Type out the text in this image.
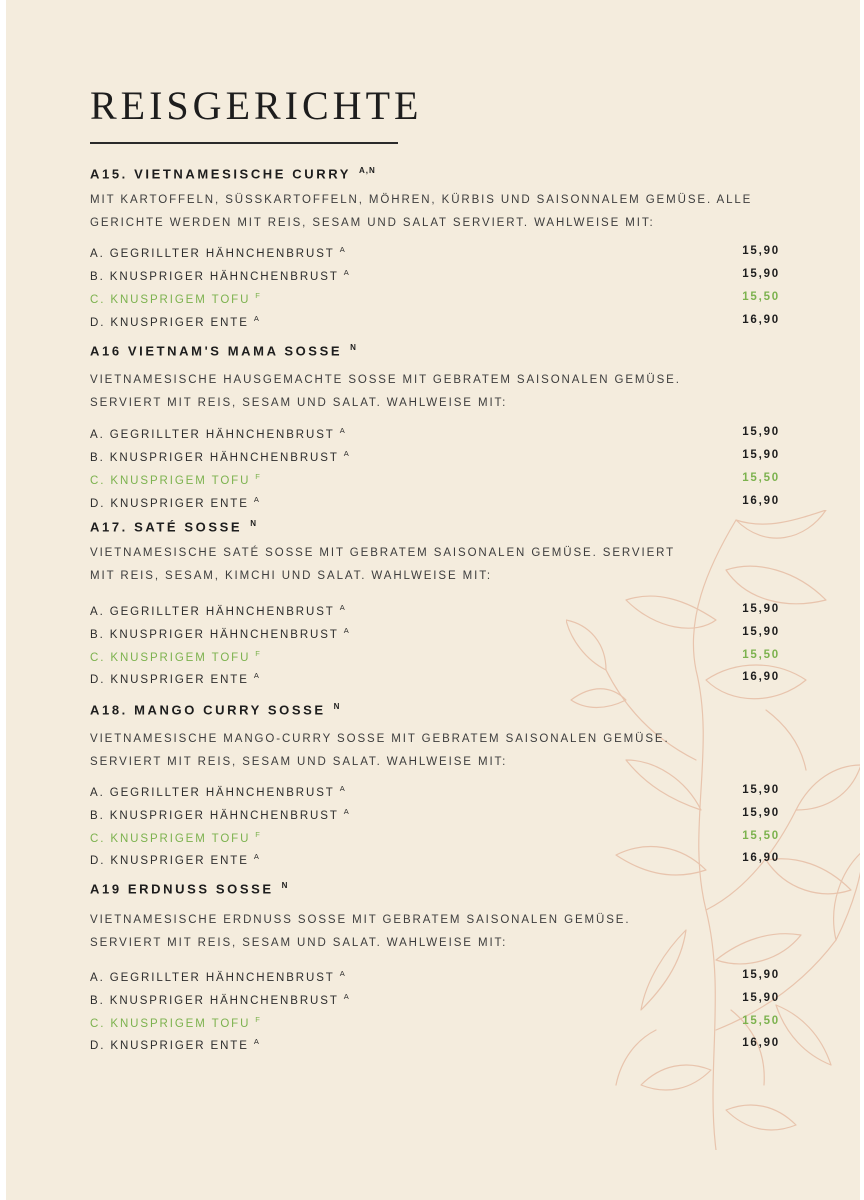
REISGERICHTE
A15. VIETNAMESISCHE CURRY $^{A,N}$
MIT KARTOFFELN, SÜSSKARTOFFELN, MÖHREN, KÜRBIS UND SAISONNALEM GEMÜSE. ALLE
GERICHTE WERDEN MIT REIS, SESAM UND SALAT SERVIERT. WAHLWEISE MIT:
A. GEGRILLTER HÄHNCHENBRUST $^A$	15,90
B. KNUSPRIGER HÄHNCHENBRUST $^A$	15,90
C. KNUSPRIGEM TOFU $^F$	15,50
D. KNUSPRIGER ENTE $^A$	16,90
A16 VIETNAM'S MAMA SOSSE $^N$
VIETNAMESISCHE HAUSGEMACHTE SOSSE MIT GEBRATEM SAISONALEN GEMÜSE.
SERVIERT MIT REIS, SESAM UND SALAT. WAHLWEISE MIT:
A. GEGRILLTER HÄHNCHENBRUST $^A$	15,90
B. KNUSPRIGER HÄHNCHENBRUST $^A$	15,90
C. KNUSPRIGEM TOFU $^F$	15,50
D. KNUSPRIGER ENTE $^A$	16,90
A17. SATÉ SOSSE $^N$
VIETNAMESISCHE SATÉ SOSSE MIT GEBRATEM SAISONALEN GEMÜSE. SERVIERT
MIT REIS, SESAM, KIMCHI UND SALAT. WAHLWEISE MIT:
A. GEGRILLTER HÄHNCHENBRUST $^A$	15,90
B. KNUSPRIGER HÄHNCHENBRUST $^A$	15,90
C. KNUSPRIGEM TOFU $^F$	15,50
D. KNUSPRIGER ENTE $^A$	16,90
A18. MANGO CURRY SOSSE $^N$
VIETNAMESISCHE MANGO-CURRY SOSSE MIT GEBRATEM SAISONALEN GEMÜSE.
SERVIERT MIT REIS, SESAM UND SALAT. WAHLWEISE MIT:
A. GEGRILLTER HÄHNCHENBRUST $^A$	15,90
B. KNUSPRIGER HÄHNCHENBRUST $^A$	15,90
C. KNUSPRIGEM TOFU $^F$	15,50
D. KNUSPRIGER ENTE $^A$	16,90
A19 ERDNUSS SOSSE $^N$
VIETNAMESISCHE ERDNUSS SOSSE MIT GEBRATEM SAISONALEN GEMÜSE.
SERVIERT MIT REIS, SESAM UND SALAT. WAHLWEISE MIT:
A. GEGRILLTER HÄHNCHENBRUST $^A$	15,90
B. KNUSPRIGER HÄHNCHENBRUST $^A$	15,90
C. KNUSPRIGEM TOFU $^F$	15,50
D. KNUSPRIGER ENTE $^A$	16,90
